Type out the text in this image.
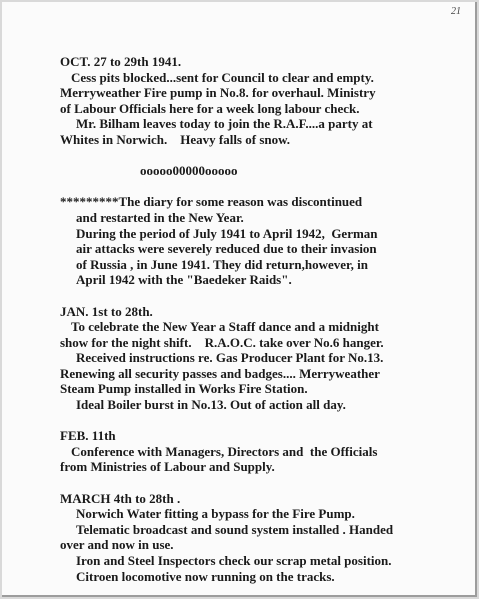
21
OCT. 27 to 29th 1941.
Cess pits blocked...sent for Council to clear and empty.
Merryweather Fire pump in No.8. for overhaul. Ministry
of Labour Officials here for a week long labour check.
Mr. Bilham leaves today to join the R.A.F....a party at
Whites in Norwich.    Heavy falls of snow.
ooooo00000ooooo
*********The diary for some reason was discontinued
and restarted in the New Year.
During the period of July 1941 to April 1942,  German
air attacks were severely reduced due to their invasion
of Russia , in June 1941. They did return,however, in
April 1942 with the "Baedeker Raids".
JAN. 1st to 28th.
To celebrate the New Year a Staff dance and a midnight
show for the night shift.    R.A.O.C. take over No.6 hanger.
Received instructions re. Gas Producer Plant for No.13.
Renewing all security passes and badges.... Merryweather
Steam Pump installed in Works Fire Station.
Ideal Boiler burst in No.13. Out of action all day.
FEB. 11th
Conference with Managers, Directors and  the Officials
from Ministries of Labour and Supply.
MARCH 4th to 28th .
Norwich Water fitting a bypass for the Fire Pump.
Telematic broadcast and sound system installed . Handed
over and now in use.
Iron and Steel Inspectors check our scrap metal position.
Citroen locomotive now running on the tracks.
